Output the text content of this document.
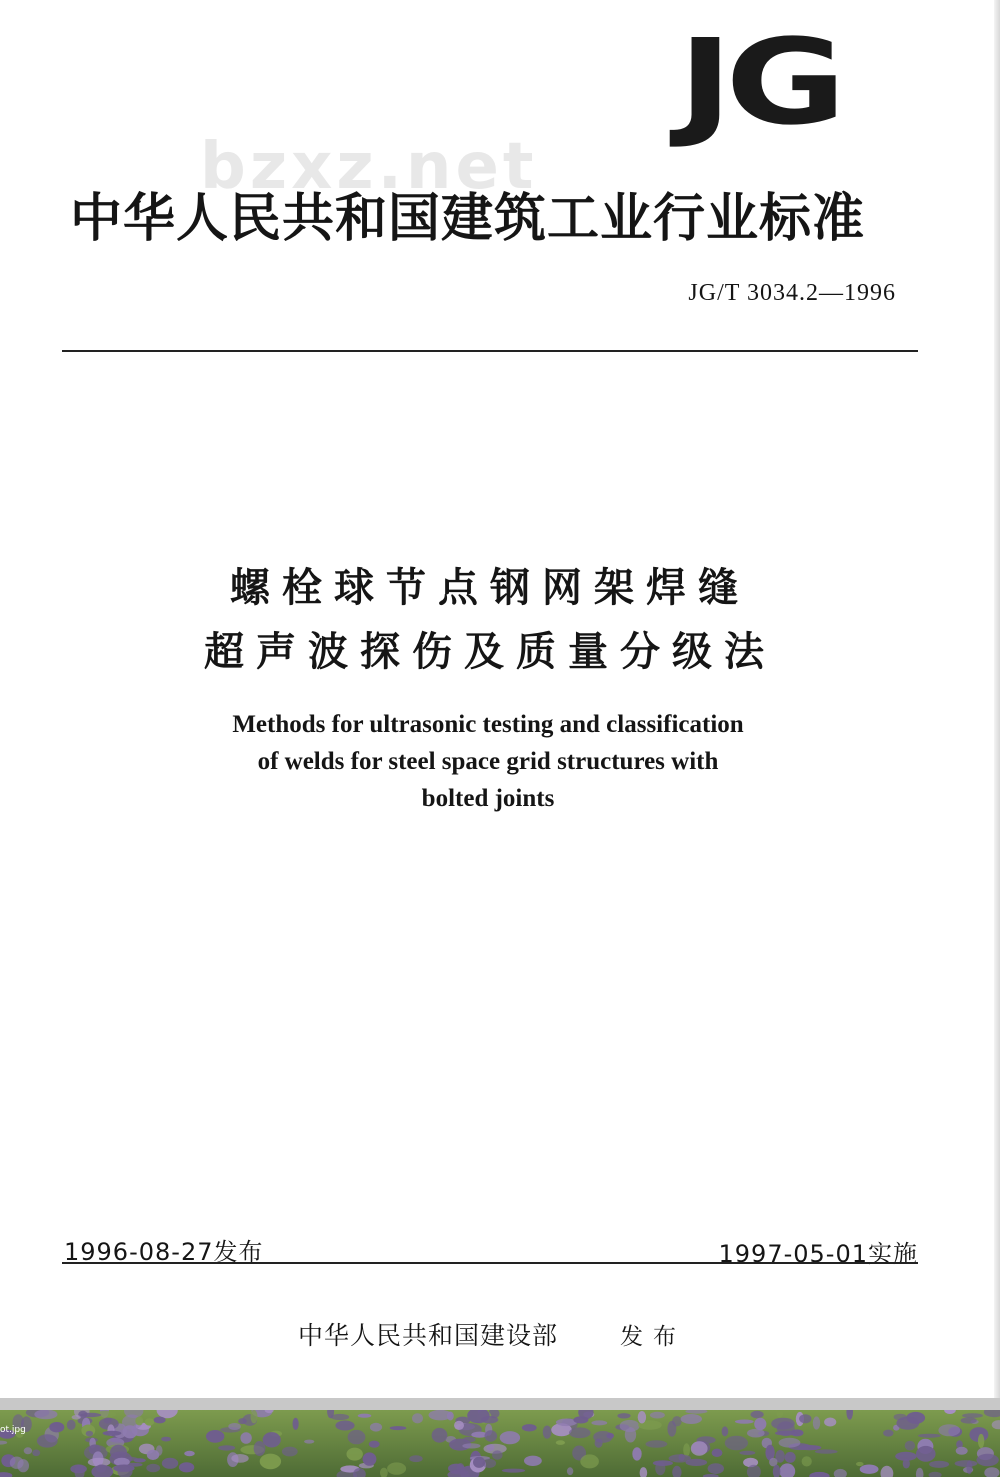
bzxz.net
JG
中华人民共和国建筑工业行业标准
JG/T 3034.2—1996
螺栓球节点钢网架焊缝
超声波探伤及质量分级法
Methods for ultrasonic testing and classification
of welds for steel space grid structures with
bolted joints
1996-08-27发布	1997-05-01实施
中华人民共和国建设部	发布
ot.jpg
